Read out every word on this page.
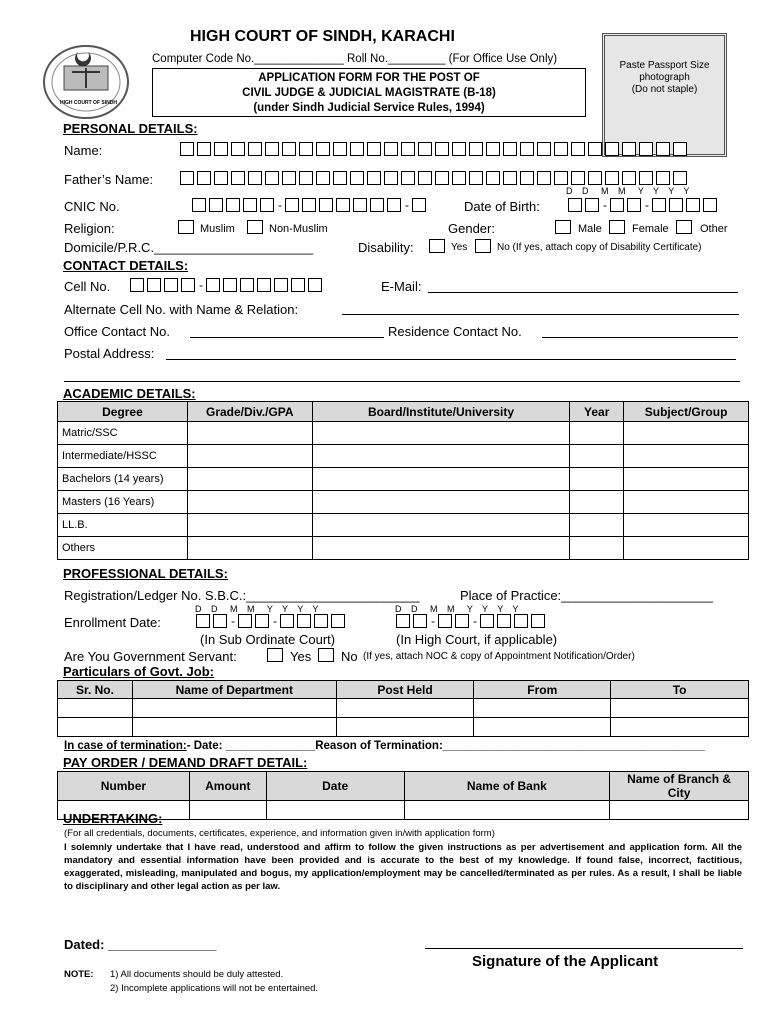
HIGH COURT OF SINDH
HIGH COURT OF SINDH, KARACHI
Computer Code No.______________ Roll No._________ (For Office Use Only)
APPLICATION FORM FOR THE POST OF
CIVIL JUDGE & JUDICIAL MAGISTRATE (B-18)
(under Sindh Judicial Service Rules, 1994)
Paste Passport Size
photograph
(Do not staple)
PERSONAL DETAILS:
Name:
Father’s Name:
D   D    M   M    Y   Y   Y   Y
CNIC No.	-	-	Date of Birth:	-	-
Religion:	Muslim	Non-Muslim	Gender:	Male	Female	Other
Domicile/P.R.C.______________________	Disability:	Yes	No (If yes, attach copy of Disability Certificate)
CONTACT DETAILS:
Cell No.	-	E-Mail:
Alternate Cell No. with Name & Relation:
Office Contact No.	Residence Contact No.
Postal Address:
ACADEMIC DETAILS:
Degree	Grade/Div./GPA	Board/Institute/University	Year	Subject/Group
Matric/SSC				
Intermediate/HSSC				
Bachelors (14 years)				
Masters (16 Years)				
LL.B.				
Others				
PROFESSIONAL DETAILS:
Registration/Ledger No. S.B.C.:________________________	Place of Practice:_____________________
D   D    M   M    Y   Y   Y   Y	D   D    M   M    Y   Y   Y   Y
Enrollment Date:	-	-	-	-
(In Sub Ordinate Court)	(In High Court, if applicable)
Are You Government Servant:	Yes No (If yes, attach NOC & copy of Appointment Notification/Order)
Particulars of Govt. Job:
Sr. No.	Name of Department	Post Held	From	To

In case of termination:- Date: ______________Reason of Termination:_________________________________________
PAY ORDER / DEMAND DRAFT DETAIL:
Number	Amount	Date	Name of Bank	Name of Branch & City

UNDERTAKING:
(For all credentials, documents, certificates, experience, and information given in/with application form)
I solemnly undertake that I have read, understood and affirm to follow the given instructions as per advertisement and application form. All the mandatory and essential information have been provided and is accurate to the best of my knowledge. If found false, incorrect, factitious, exaggerated, misleading, manipulated and bogus, my application/employment may be cancelled/terminated as per rules. As a result, I shall be liable to disciplinary and other legal action as per law.
Dated: _______________
Signature of the Applicant
NOTE: 1) All documents should be duly attested.
2) Incomplete applications will not be entertained.
